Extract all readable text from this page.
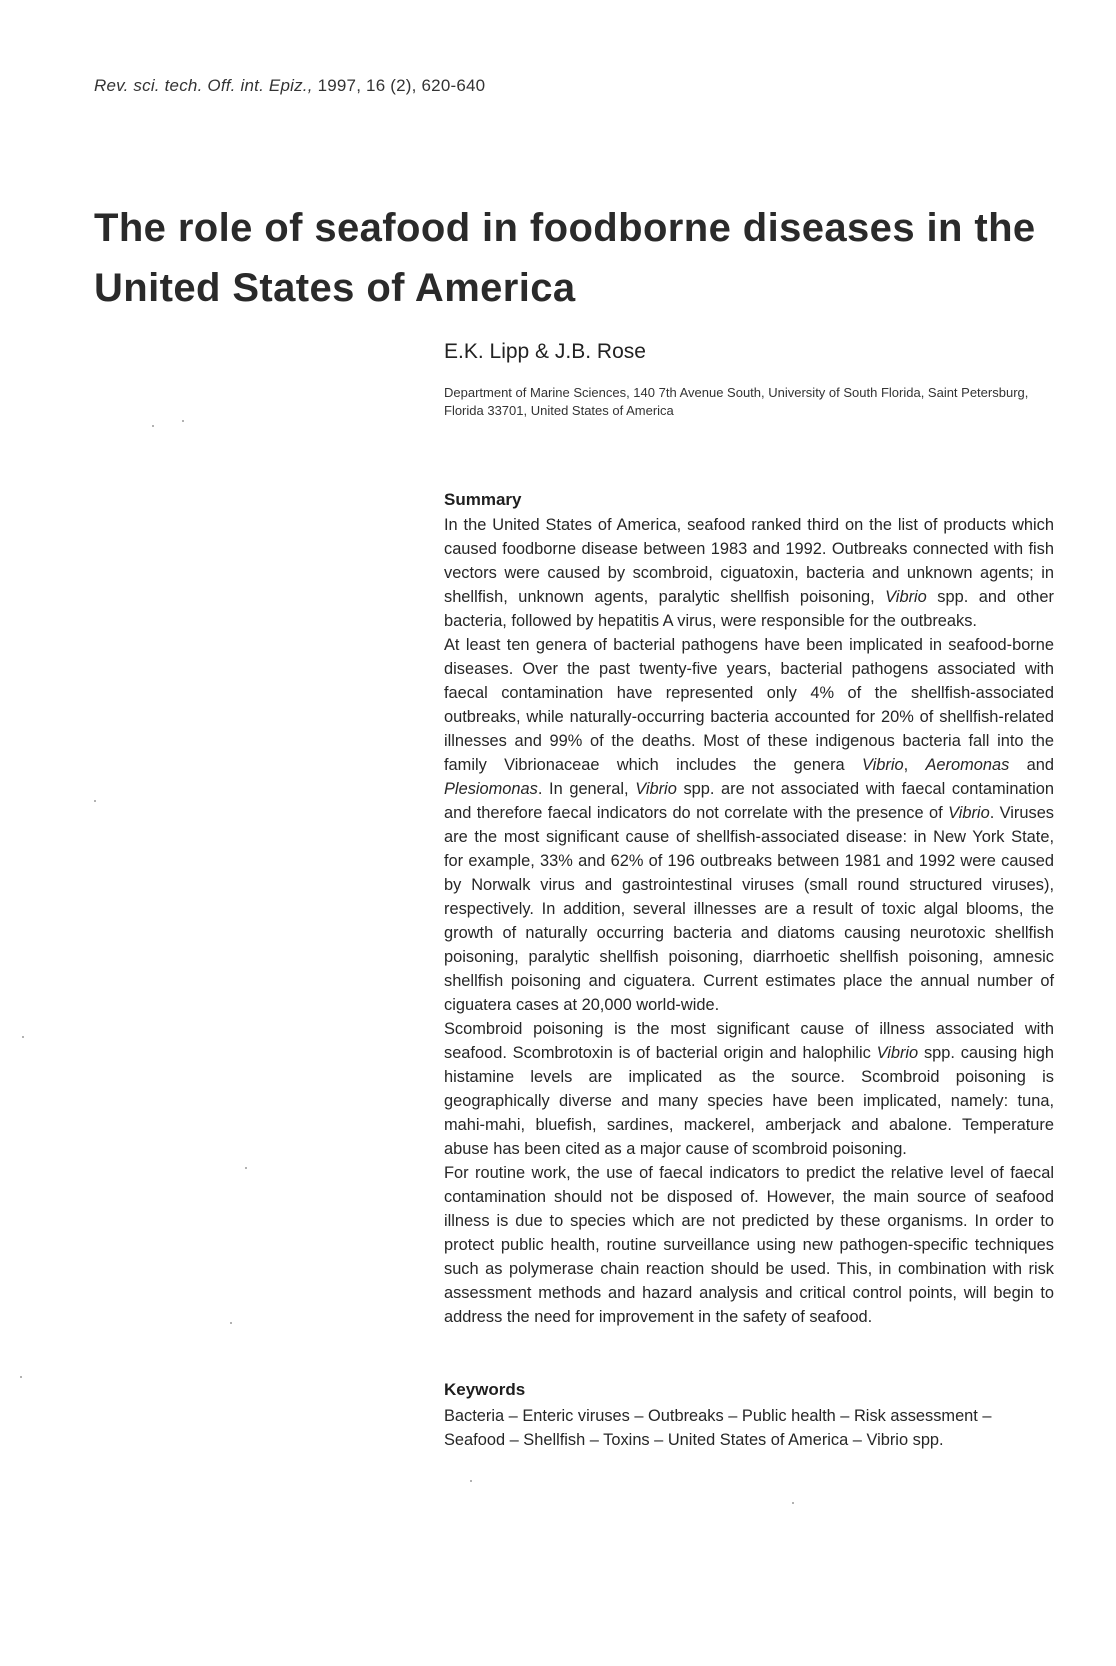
Rev. sci. tech. Off. int. Epiz., 1997, 16 (2), 620-640
The role of seafood in foodborne diseases in the United States of America
E.K. Lipp & J.B. Rose
Department of Marine Sciences, 140 7th Avenue South, University of South Florida, Saint Petersburg, Florida 33701, United States of America
Summary

In the United States of America, seafood ranked third on the list of products which caused foodborne disease between 1983 and 1992. Outbreaks connected with fish vectors were caused by scombroid, ciguatoxin, bacteria and unknown agents; in shellfish, unknown agents, paralytic shellfish poisoning, Vibrio spp. and other bacteria, followed by hepatitis A virus, were responsible for the outbreaks.

At least ten genera of bacterial pathogens have been implicated in seafood-borne diseases. Over the past twenty-five years, bacterial pathogens associated with faecal contamination have represented only 4% of the shellfish-associated outbreaks, while naturally-occurring bacteria accounted for 20% of shellfish-related illnesses and 99% of the deaths. Most of these indigenous bacteria fall into the family Vibrionaceae which includes the genera Vibrio, Aeromonas and Plesiomonas. In general, Vibrio spp. are not associated with faecal contamination and therefore faecal indicators do not correlate with the presence of Vibrio. Viruses are the most significant cause of shellfish-associated disease: in New York State, for example, 33% and 62% of 196 outbreaks between 1981 and 1992 were caused by Norwalk virus and gastrointestinal viruses (small round structured viruses), respectively. In addition, several illnesses are a result of toxic algal blooms, the growth of naturally occurring bacteria and diatoms causing neurotoxic shellfish poisoning, paralytic shellfish poisoning, diarrhoetic shellfish poisoning, amnesic shellfish poisoning and ciguatera. Current estimates place the annual number of ciguatera cases at 20,000 world-wide.

Scombroid poisoning is the most significant cause of illness associated with seafood. Scombrotoxin is of bacterial origin and halophilic Vibrio spp. causing high histamine levels are implicated as the source. Scombroid poisoning is geographically diverse and many species have been implicated, namely: tuna, mahi-mahi, bluefish, sardines, mackerel, amberjack and abalone. Temperature abuse has been cited as a major cause of scombroid poisoning.

For routine work, the use of faecal indicators to predict the relative level of faecal contamination should not be disposed of. However, the main source of seafood illness is due to species which are not predicted by these organisms. In order to protect public health, routine surveillance using new pathogen-specific techniques such as polymerase chain reaction should be used. This, in combination with risk assessment methods and hazard analysis and critical control points, will begin to address the need for improvement in the safety of seafood.

Keywords
Bacteria – Enteric viruses – Outbreaks – Public health – Risk assessment – Seafood – Shellfish – Toxins – United States of America – Vibrio spp.
